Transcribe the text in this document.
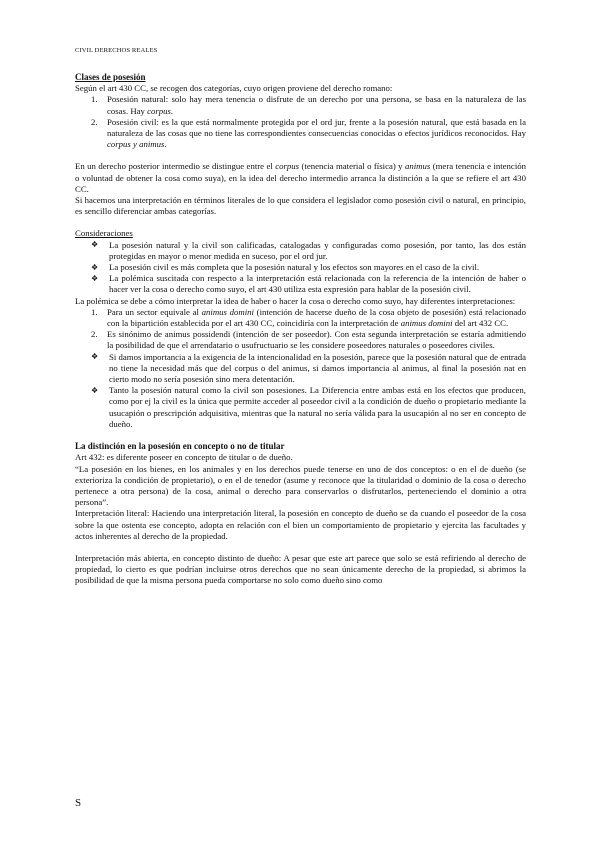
CIVIL DERECHOS REALES

Clases de posesión

Según el art 430 CC, se recogen dos categorías, cuyo origen proviene del derecho romano:

1. Posesión natural: solo hay mera tenencia o disfrute de un derecho por una persona, se basa en la naturaleza de las cosas. Hay corpus.
2. Posesión civil: es la que está normalmente protegida por el ord jur, frente a la posesión natural, que está basada en la naturaleza de las cosas que no tiene las correspondientes consecuencias conocidas o efectos jurídicos reconocidos. Hay corpus y animus.

En un derecho posterior intermedio se distingue entre el corpus (tenencia material o física) y animus (mera tenencia e intención o voluntad de obtener la cosa como suya), en la idea del derecho intermedio arranca la distinción a la que se refiere el art 430 CC.

Si hacemos una interpretación en términos literales de lo que considera el legislador como posesión civil o natural, en principio, es sencillo diferenciar ambas categorías.

Consideraciones

❖ La posesión natural y la civil son calificadas, catalogadas y configuradas como posesión, por tanto, las dos están protegidas en mayor o menor medida en suceso, por el ord jur.
❖ La posesión civil es más completa que la posesión natural y los efectos son mayores en el caso de la civil.
❖ La polémica suscitada con respecto a la interpretación está relacionada con la referencia de la intención de haber o hacer ver la cosa o derecho como suyo, el art 430 utiliza esta expresión para hablar de la posesión civil.

La polémica se debe a cómo interpretar la idea de haber o hacer la cosa o derecho como suyo, hay diferentes interpretaciones:

1. Para un sector equivale al animus domini (intención de hacerse dueño de la cosa objeto de posesión) está relacionado con la bipartición establecida por el art 430 CC, coincidiría con la interpretación de animus domini del art 432 CC.
2. Es sinónimo de animus possidendi (intención de ser poseedor). Con esta segunda interpretación se estaría admitiendo la posibilidad de que el arrendatario o usufructuario se les considere poseedores naturales o poseedores civiles.
❖ Si damos importancia a la exigencia de la intencionalidad en la posesión, parece que la posesión natural que de entrada no tiene la necesidad más que del corpus o del animus, si damos importancia al animus, al final la posesión nat en cierto modo no sería posesión sino mera detentación.
❖ Tanto la posesión natural como la civil son posesiones. La Diferencia entre ambas está en los efectos que producen, como por ej la civil es la única que permite acceder al poseedor civil a la condición de dueño o propietario mediante la usucapión o prescripción adquisitiva, mientras que la natural no sería válida para la usucapión al no ser en concepto de dueño.

La distinción en la posesión en concepto o no de titular

Art 432: es diferente poseer en concepto de titular o de dueño.

“La posesión en los bienes, en los animales y en los derechos puede tenerse en uno de dos conceptos: o en el de dueño (se exterioriza la condición de propietario), o en el de tenedor (asume y reconoce que la titularidad o dominio de la cosa o derecho pertenece a otra persona) de la cosa, animal o derecho para conservarlos o disfrutarlos, perteneciendo el dominio a otra persona”.

Interpretación literal: Haciendo una interpretación literal, la posesión en concepto de dueño se da cuando el poseedor de la cosa sobre la que ostenta ese concepto, adopta en relación con el bien un comportamiento de propietario y ejercita las facultades y actos inherentes al derecho de la propiedad.

Interpretación más abierta, en concepto distinto de dueño: A pesar que este art parece que solo se está refiriendo al derecho de propiedad, lo cierto es que podrían incluirse otros derechos que no sean únicamente derecho de la propiedad, si abrimos la posibilidad de que la misma persona pueda comportarse no solo como dueño sino como

S
